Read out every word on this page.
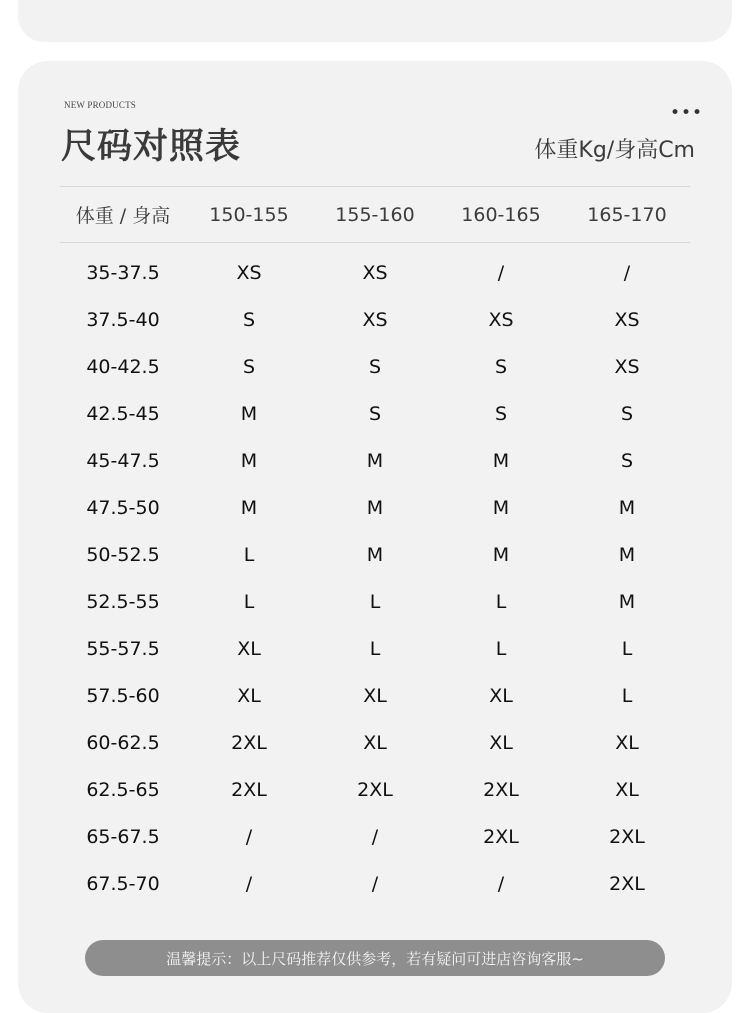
NEW PRODUCTS
尺码对照表
•••
体重Kg/身高Cm
体重 / 身高	150-155	155-160	160-165	165-170
35-37.5	XS	XS	/	/
37.5-40	S	XS	XS	XS
40-42.5	S	S	S	XS
42.5-45	M	S	S	S
45-47.5	M	M	M	S
47.5-50	M	M	M	M
50-52.5	L	M	M	M
52.5-55	L	L	L	M
55-57.5	XL	L	L	L
57.5-60	XL	XL	XL	L
60-62.5	2XL	XL	XL	XL
62.5-65	2XL	2XL	2XL	XL
65-67.5	/	/	2XL	2XL
67.5-70	/	/	/	2XL
温馨提示：以上尺码推荐仅供参考，若有疑问可进店咨询客服~
